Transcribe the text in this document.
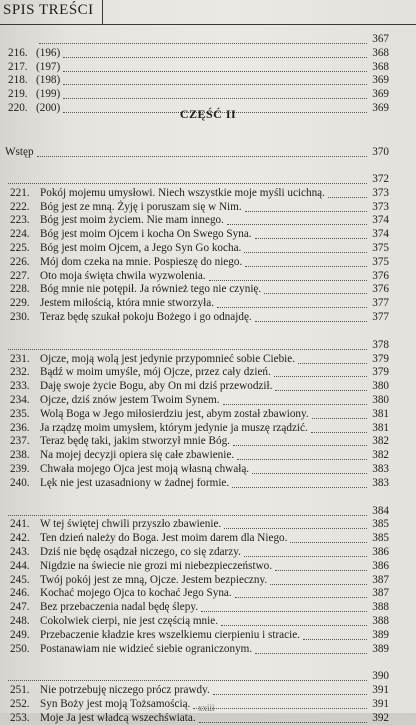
SPIS TREŚCI
367
216. (196)	368
217. (197)	368
218. (198)	369
219. (199)	369
220. (200)	369
Wstęp	370
372
221. Pokój mojemu umysłowi. Niech wszystkie moje myśli ucichną.	373
222. Bóg jest ze mną. Żyję i poruszam się w Nim.	373
223. Bóg jest moim życiem. Nie mam innego.	374
224. Bóg jest moim Ojcem i kocha On Swego Syna.	374
225. Bóg jest moim Ojcem, a Jego Syn Go kocha.	375
226. Mój dom czeka na mnie. Pospieszę do niego.	375
227. Oto moja święta chwila wyzwolenia.	376
228. Bóg mnie nie potępił. Ja również tego nie czynię.	376
229. Jestem miłością, która mnie stworzyła.	377
230. Teraz będę szukał pokoju Bożego i go odnajdę.	377
378
231. Ojcze, moją wolą jest jedynie przypomnieć sobie Ciebie.	379
232. Bądź w moim umyśle, mój Ojcze, przez cały dzień.	379
233. Daję swoje życie Bogu, aby On mi dziś przewodził.	380
234. Ojcze, dziś znów jestem Twoim Synem.	380
235. Wolą Boga w Jego miłosierdziu jest, abym został zbawiony.	381
236. Ja rządzę moim umysłem, którym jedynie ja muszę rządzić.	381
237. Teraz będę taki, jakim stworzył mnie Bóg.	382
238. Na mojej decyzji opiera się całe zbawienie.	382
239. Chwała mojego Ojca jest moją własną chwałą.	383
240. Lęk nie jest uzasadniony w żadnej formie.	383
384
241. W tej świętej chwili przyszło zbawienie.	385
242. Ten dzień należy do Boga. Jest moim darem dla Niego.	385
243. Dziś nie będę osądzał niczego, co się zdarzy.	386
244. Nigdzie na świecie nie grozi mi niebezpieczeństwo.	386
245. Twój pokój jest ze mną, Ojcze. Jestem bezpieczny.	387
246. Kochać mojego Ojca to kochać Jego Syna.	387
247. Bez przebaczenia nadal będę ślepy.	388
248. Cokolwiek cierpi, nie jest częścią mnie.	388
249. Przebaczenie kładzie kres wszelkiemu cierpieniu i stracie.	389
250. Postanawiam nie widzieć siebie ograniczonym.	389
390
251. Nie potrzebuję niczego prócz prawdy.	391
252. Syn Boży jest moją Tożsamością.	391
253. Moje Ja jest władcą wszechświata.	392
CZĘŚĆ II
xxiii
